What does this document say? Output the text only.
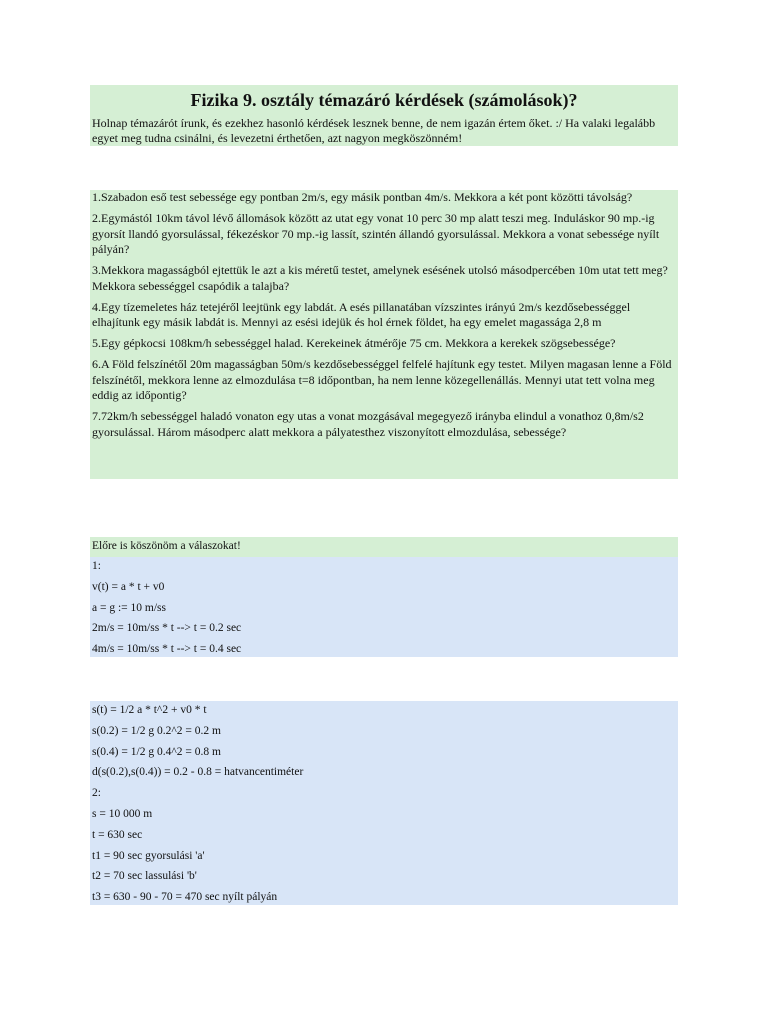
Fizika 9. osztály témazáró kérdések (számolások)?
Holnap témazárót írunk, és ezekhez hasonló kérdések lesznek benne, de nem igazán értem őket. :/ Ha valaki legalább egyet meg tudna csinálni, és levezetni érthetően, azt nagyon megköszönném!

1.Szabadon eső test sebessége egy pontban 2m/s, egy másik pontban 4m/s. Mekkora a két pont közötti távolság?

2.Egymástól 10km távol lévő állomások között az utat egy vonat 10 perc 30 mp alatt teszi meg. Induláskor 90 mp.-ig gyorsít llandó gyorsulással, fékezéskor 70 mp.-ig lassít, szintén állandó gyorsulással. Mekkora a vonat sebessége nyílt pályán?

3.Mekkora magasságból ejtettük le azt a kis méretű testet, amelynek esésének utolsó másodpercében 10m utat tett meg? Mekkora sebességgel csapódik a talajba?

4.Egy tízemeletes ház tetejéről leejtünk egy labdát. A esés pillanatában vízszintes irányú 2m/s kezdősebességgel elhajítunk egy másik labdát is. Mennyi az esési idejük és hol érnek földet, ha egy emelet magassága 2,8 m

5.Egy gépkocsi 108km/h sebességgel halad. Kerekeinek átmérője 75 cm. Mekkora a kerekek szögsebessége?

6.A Föld felszínétől 20m magasságban 50m/s kezdősebességgel felfelé hajítunk egy testet. Milyen magasan lenne a Föld felszínétől, mekkora lenne az elmozdulása t=8 időpontban, ha nem lenne közegellenállás. Mennyi utat tett volna meg eddig az időpontig?

7.72km/h sebességgel haladó vonaton egy utas a vonat mozgásával megegyező irányba elindul a vonathoz 0,8m/s2 gyorsulással. Három másodperc alatt mekkora a pályatesthez viszonyított elmozdulása, sebessége?

Előre is köszönöm a válaszokat!
1:
v(t) = a * t + v0
a = g := 10 m/ss
2m/s = 10m/ss * t --> t = 0.2 sec
4m/s = 10m/ss * t --> t = 0.4 sec
s(t) = 1/2 a * t^2 + v0 * t
s(0.2) = 1/2 g 0.2^2 = 0.2 m
s(0.4) = 1/2 g 0.4^2 = 0.8 m
d(s(0.2),s(0.4)) = 0.2 - 0.8 = hatvancentiméter
2:
s = 10 000 m
t = 630 sec
t1 = 90 sec gyorsulási 'a'
t2 = 70 sec lassulási 'b'
t3 = 630 - 90 - 70 = 470 sec nyílt pályán
